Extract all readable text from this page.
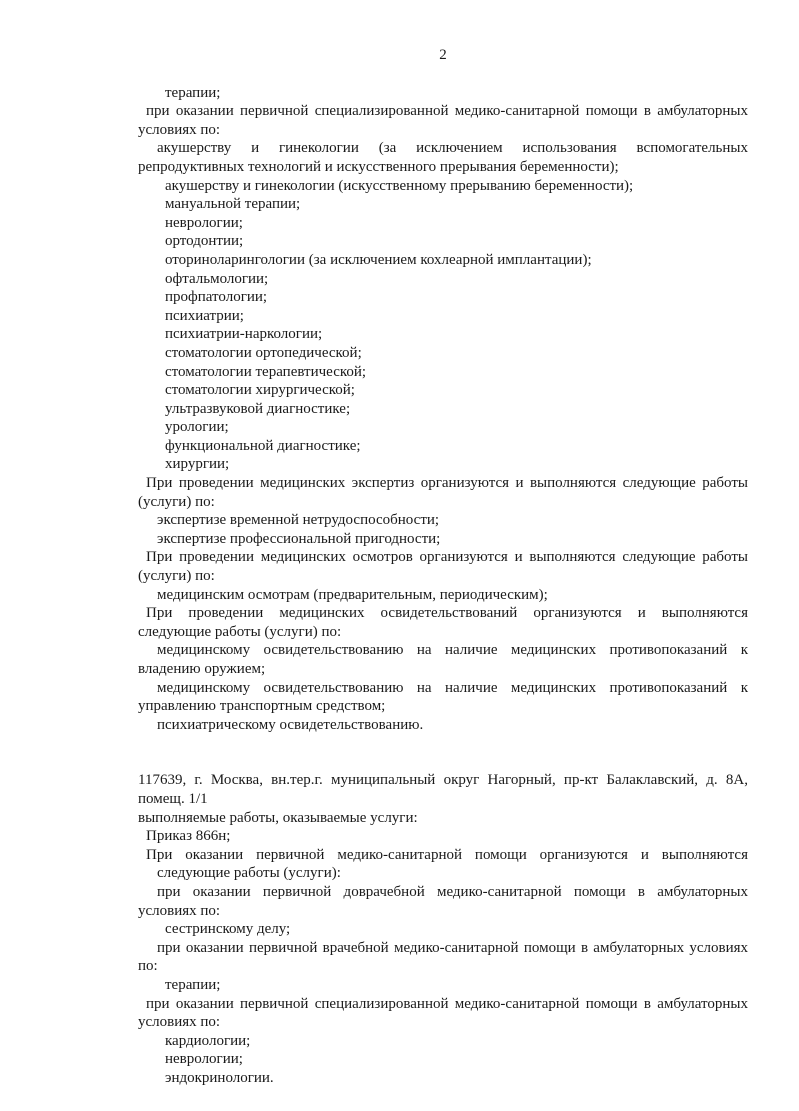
2
терапии;
при оказании первичной специализированной медико-санитарной помощи в амбулаторных условиях по:
акушерству и гинекологии (за исключением использования вспомогательных репродуктивных технологий и искусственного прерывания беременности);
акушерству и гинекологии (искусственному прерыванию беременности);
мануальной терапии;
неврологии;
ортодонтии;
оториноларингологии (за исключением кохлеарной имплантации);
офтальмологии;
профпатологии;
психиатрии;
психиатрии-наркологии;
стоматологии ортопедической;
стоматологии терапевтической;
стоматологии хирургической;
ультразвуковой диагностике;
урологии;
функциональной диагностике;
хирургии;
При проведении медицинских экспертиз организуются и выполняются следующие работы (услуги) по:
экспертизе временной нетрудоспособности;
экспертизе профессиональной пригодности;
При проведении медицинских осмотров организуются и выполняются следующие работы (услуги) по:
медицинским осмотрам (предварительным, периодическим);
При проведении медицинских освидетельствований организуются и выполняются следующие работы (услуги) по:
медицинскому освидетельствованию на наличие медицинских противопоказаний к владению оружием;
медицинскому освидетельствованию на наличие медицинских противопоказаний к управлению транспортным средством;
психиатрическому освидетельствованию.
117639, г. Москва, вн.тер.г. муниципальный округ Нагорный, пр-кт Балаклавский, д. 8А, помещ. 1/1
выполняемые работы, оказываемые услуги:
Приказ 866н;
При оказании первичной медико-санитарной помощи организуются и выполняются следующие работы (услуги):
при оказании первичной доврачебной медико-санитарной помощи в амбулаторных условиях по:
сестринскому делу;
при оказании первичной врачебной медико-санитарной помощи в амбулаторных условиях по:
терапии;
при оказании первичной специализированной медико-санитарной помощи в амбулаторных условиях по:
кардиологии;
неврологии;
эндокринологии.
